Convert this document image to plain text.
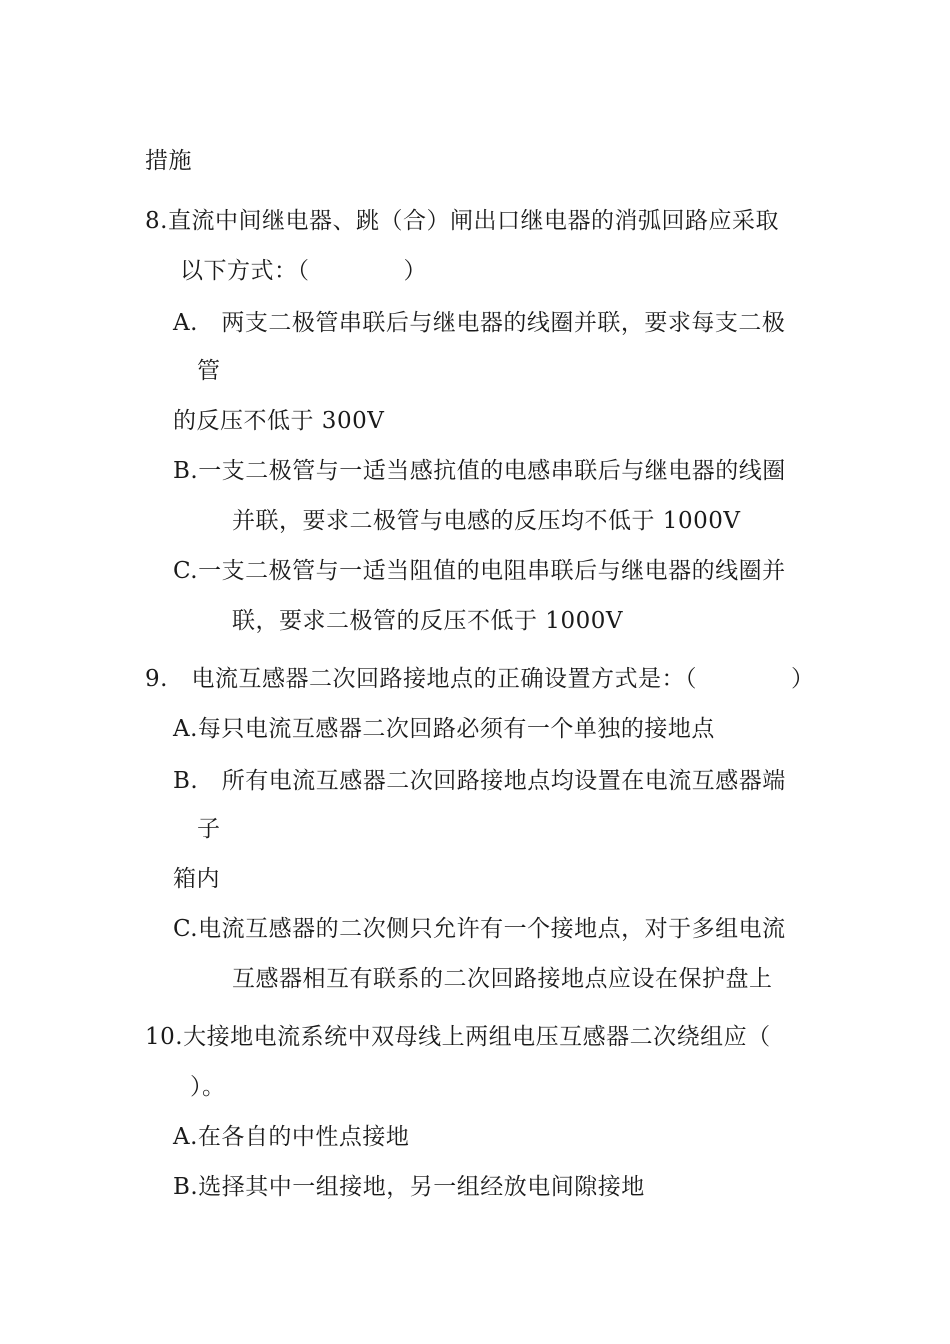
措施
8.直流中间继电器、跳（合）闸出口继电器的消弧回路应采取
以下方式：（　　　　）
A.　两支二极管串联后与继电器的线圈并联，要求每支二极
管
的反压不低于 300V
B.一支二极管与一适当感抗值的电感串联后与继电器的线圈
并联，要求二极管与电感的反压均不低于 1000V
C.一支二极管与一适当阻值的电阻串联后与继电器的线圈并
联，要求二极管的反压不低于 1000V
9.　电流互感器二次回路接地点的正确设置方式是：（　　　　）
A.每只电流互感器二次回路必须有一个单独的接地点
B.　所有电流互感器二次回路接地点均设置在电流互感器端
子
箱内
C.电流互感器的二次侧只允许有一个接地点，对于多组电流
互感器相互有联系的二次回路接地点应设在保护盘上
10.大接地电流系统中双母线上两组电压互感器二次绕组应（
）。
A.在各自的中性点接地
B.选择其中一组接地，另一组经放电间隙接地
